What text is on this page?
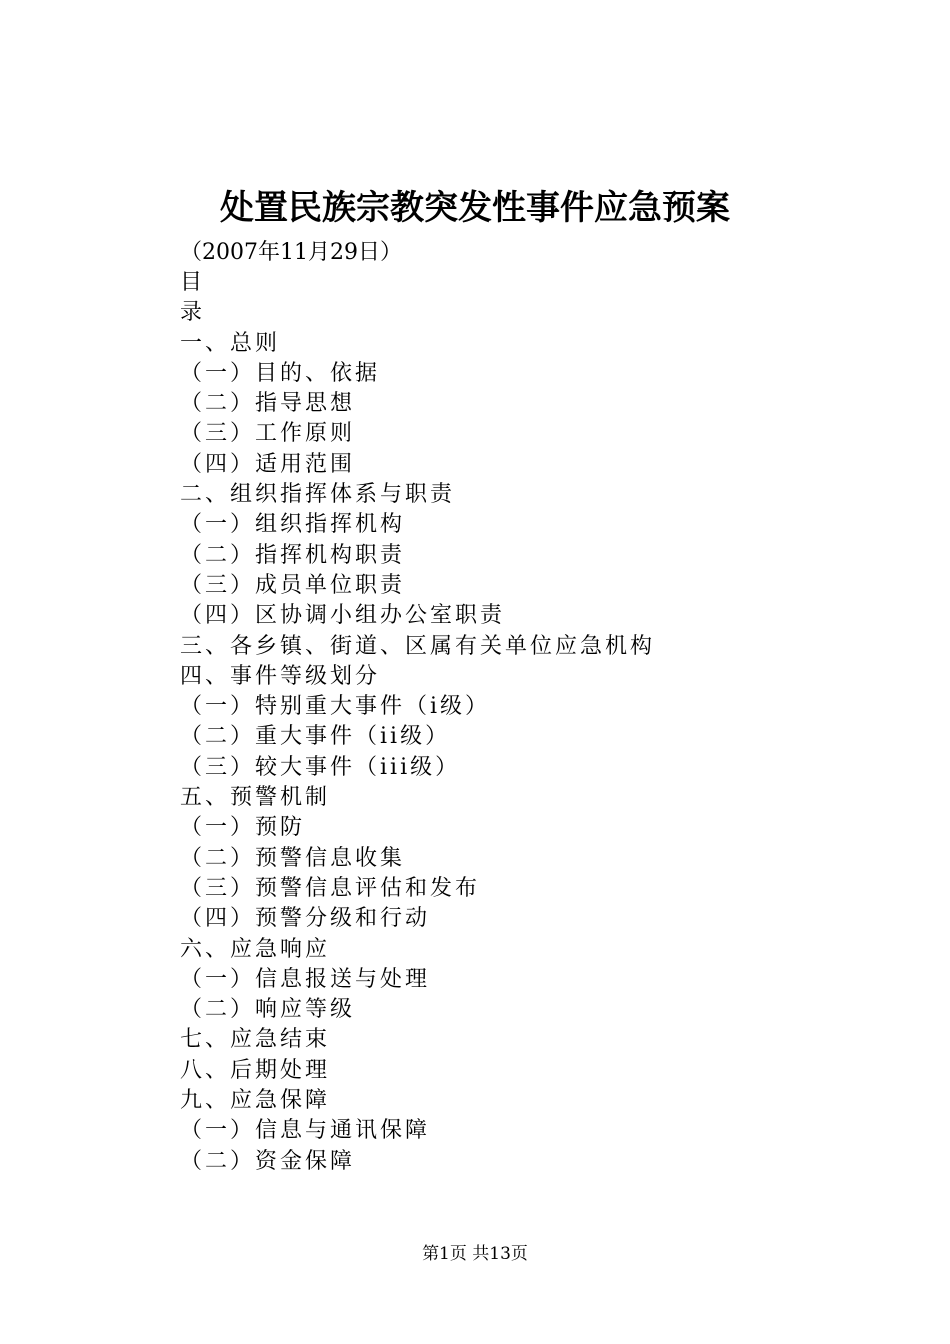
处置民族宗教突发性事件应急预案
（2007年11月29日）
目
录
一、总则
（一）目的、依据
（二）指导思想
（三）工作原则
（四）适用范围
二、组织指挥体系与职责
（一）组织指挥机构
（二）指挥机构职责
（三）成员单位职责
（四）区协调小组办公室职责
三、各乡镇、街道、区属有关单位应急机构
四、事件等级划分
（一）特别重大事件（i级）
（二）重大事件（ii级）
（三）较大事件（iii级）
五、预警机制
（一）预防
（二）预警信息收集
（三）预警信息评估和发布
（四）预警分级和行动
六、应急响应
（一）信息报送与处理
（二）响应等级
七、应急结束
八、后期处理
九、应急保障
（一）信息与通讯保障
（二）资金保障
第1页 共13页
